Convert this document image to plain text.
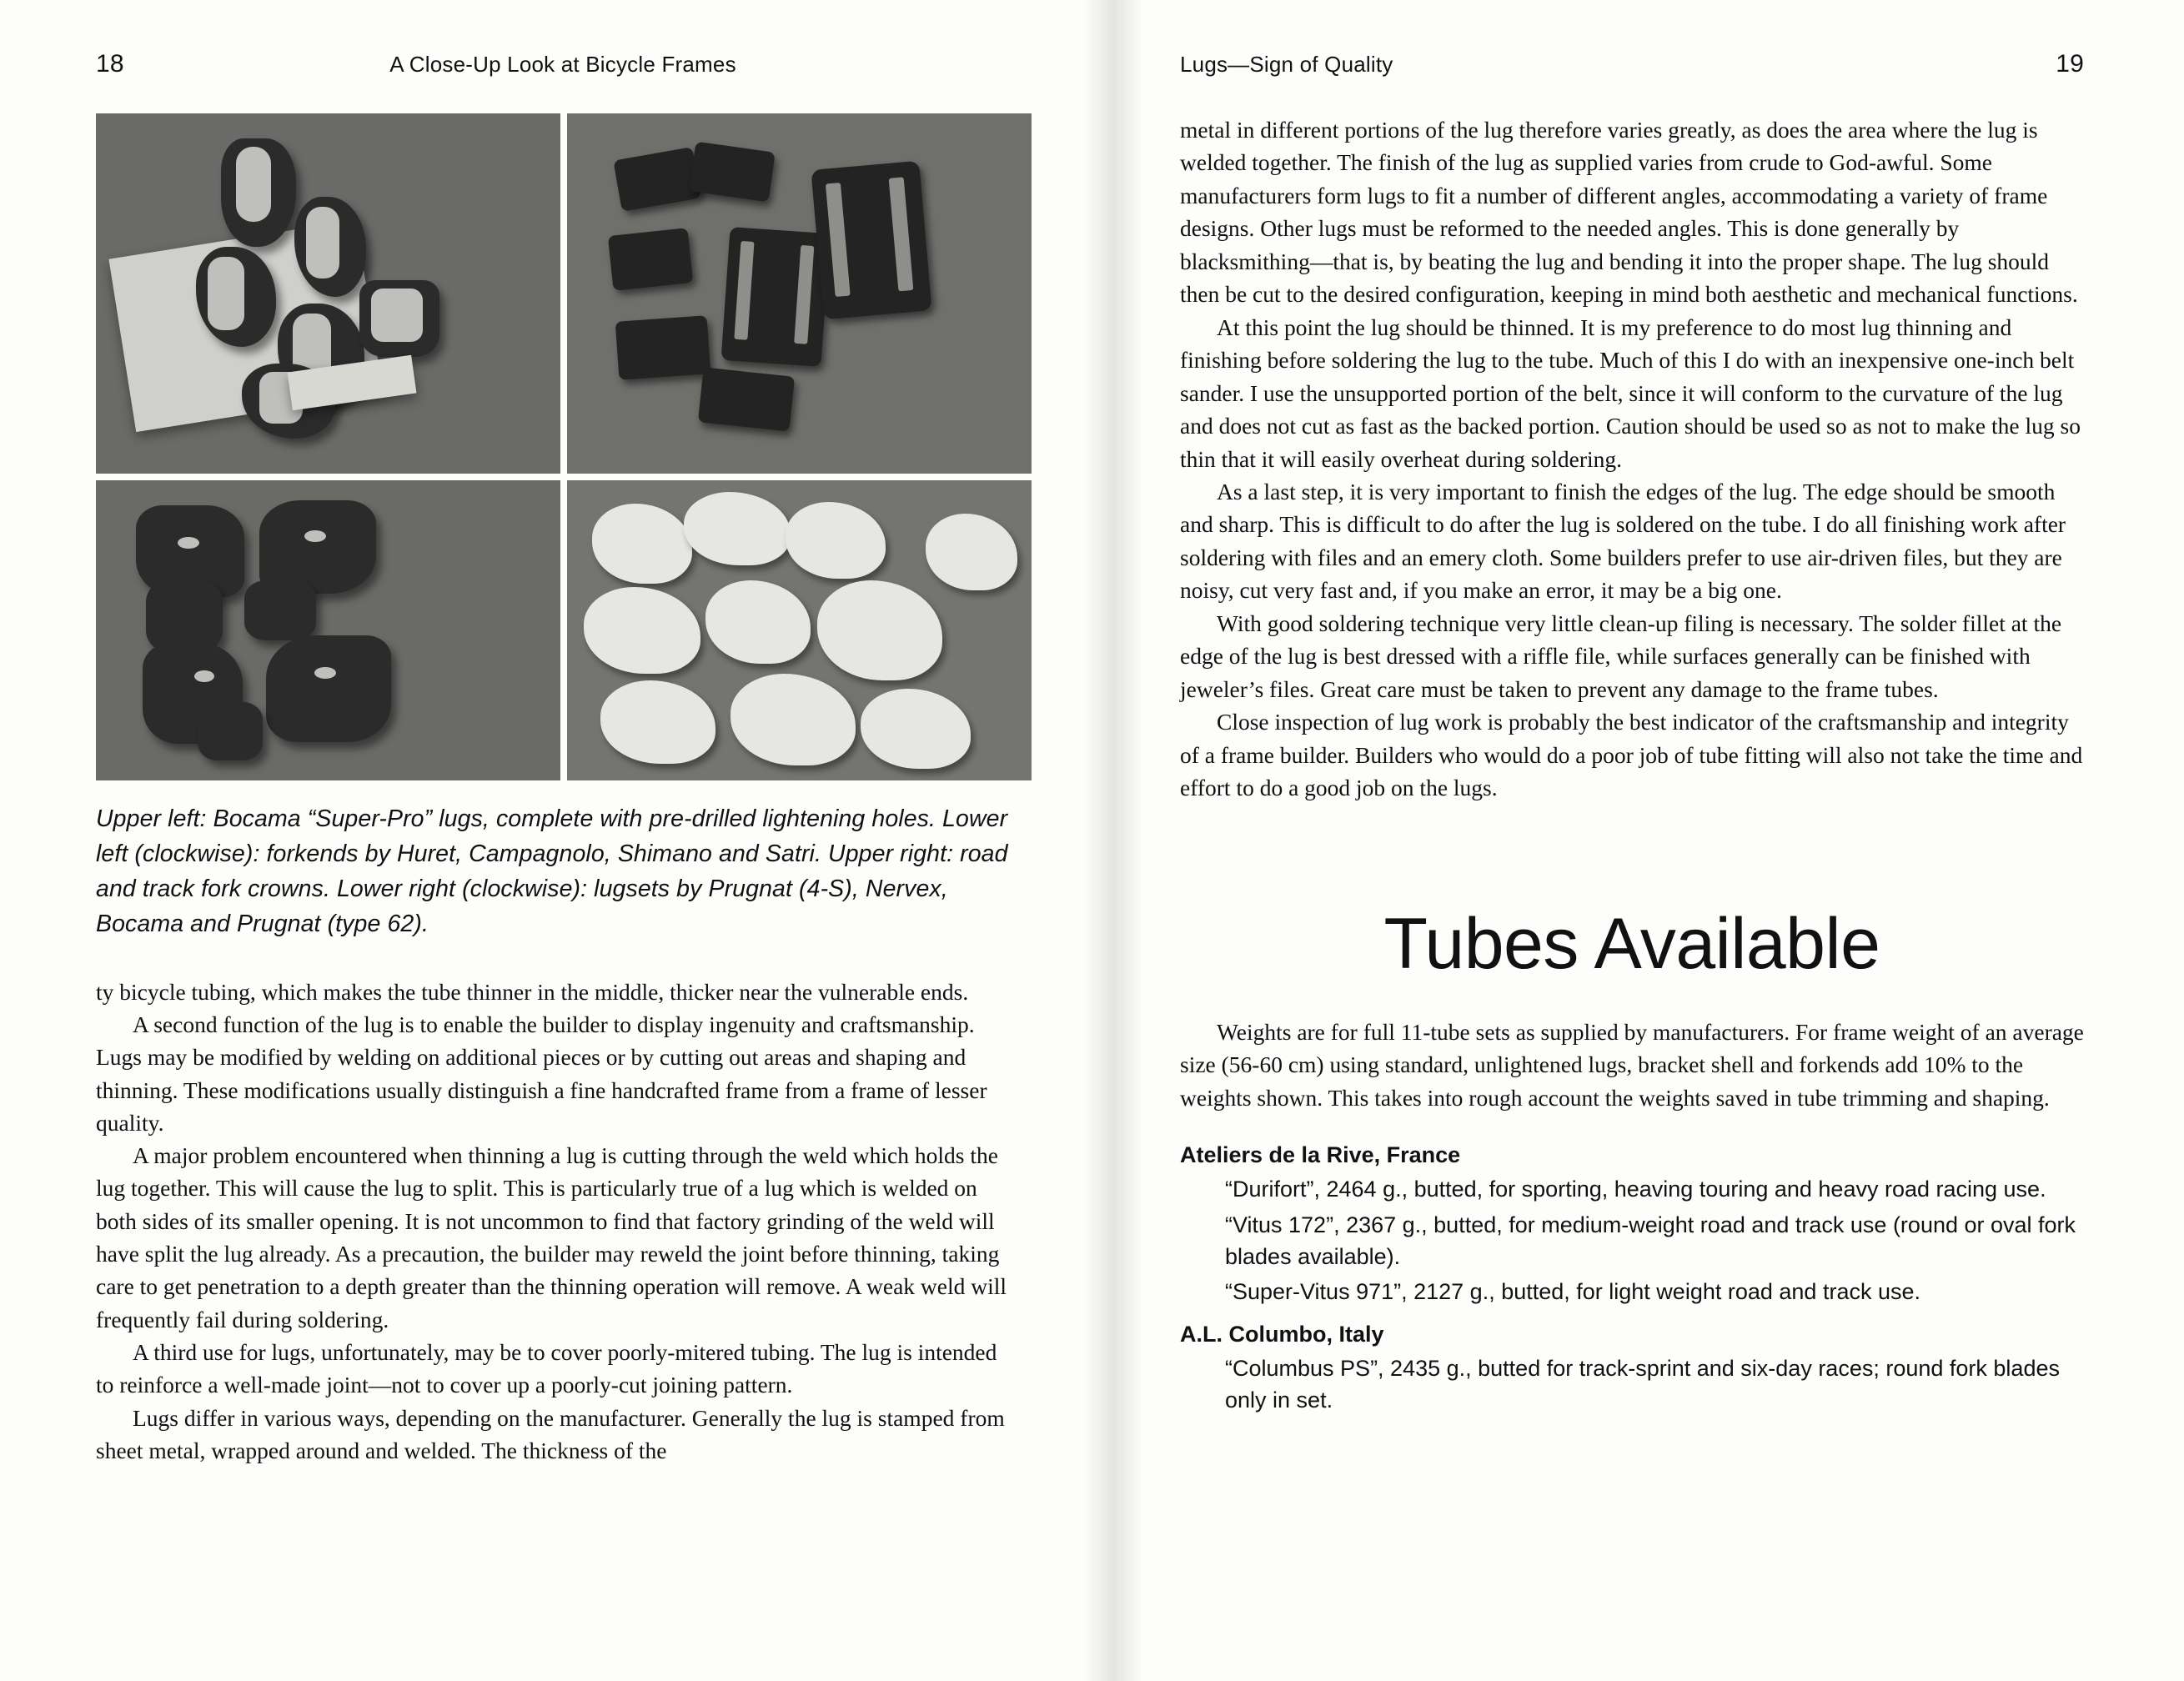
18	A Close-Up Look at Bicycle Frames
Upper left: Bocama “Super-Pro” lugs, complete with pre-drilled lightening holes. Lower left (clockwise): forkends by Huret, Campagnolo, Shimano and Satri. Upper right: road and track fork crowns. Lower right (clockwise): lugsets by Prugnat (4-S), Nervex, Bocama and Prugnat (type 62).

ty bicycle tubing, which makes the tube thinner in the middle, thicker near the vulnerable ends.

A second function of the lug is to enable the builder to display ingenuity and craftsmanship. Lugs may be modified by welding on additional pieces or by cutting out areas and shaping and thinning. These modifications usually distinguish a fine handcrafted frame from a frame of lesser quality.

A major problem encountered when thinning a lug is cutting through the weld which holds the lug together. This will cause the lug to split. This is particularly true of a lug which is welded on both sides of its smaller opening. It is not uncommon to find that factory grinding of the weld will have split the lug already. As a precaution, the builder may reweld the joint before thinning, taking care to get penetration to a depth greater than the thinning operation will remove. A weak weld will frequently fail during soldering.

A third use for lugs, unfortunately, may be to cover poorly-mitered tubing. The lug is intended to reinforce a well-made joint—not to cover up a poorly-cut joining pattern.

Lugs differ in various ways, depending on the manufacturer. Generally the lug is stamped from sheet metal, wrapped around and welded. The thickness of the

Lugs—Sign of Quality	19

metal in different portions of the lug therefore varies greatly, as does the area where the lug is welded together. The finish of the lug as supplied varies from crude to God-awful. Some manufacturers form lugs to fit a number of different angles, accommodating a variety of frame designs. Other lugs must be reformed to the needed angles. This is done generally by blacksmithing—that is, by beating the lug and bending it into the proper shape. The lug should then be cut to the desired configuration, keeping in mind both aesthetic and mechanical functions.

At this point the lug should be thinned. It is my preference to do most lug thinning and finishing before soldering the lug to the tube. Much of this I do with an inexpensive one-inch belt sander. I use the unsupported portion of the belt, since it will conform to the curvature of the lug and does not cut as fast as the backed portion. Caution should be used so as not to make the lug so thin that it will easily overheat during soldering.

As a last step, it is very important to finish the edges of the lug. The edge should be smooth and sharp. This is difficult to do after the lug is soldered on the tube. I do all finishing work after soldering with files and an emery cloth. Some builders prefer to use air-driven files, but they are noisy, cut very fast and, if you make an error, it may be a big one.

With good soldering technique very little clean-up filing is necessary. The solder fillet at the edge of the lug is best dressed with a riffle file, while surfaces generally can be finished with jeweler’s files. Great care must be taken to prevent any damage to the frame tubes.

Close inspection of lug work is probably the best indicator of the craftsmanship and integrity of a frame builder. Builders who would do a poor job of tube fitting will also not take the time and effort to do a good job on the lugs.

Tubes Available

Weights are for full 11-tube sets as supplied by manufacturers. For frame weight of an average size (56-60 cm) using standard, unlightened lugs, bracket shell and forkends add 10% to the weights shown. This takes into rough account the weights saved in tube trimming and shaping.

Ateliers de la Rive, France
“Durifort”, 2464 g., butted, for sporting, heaving touring and heavy road racing use.
“Vitus 172”, 2367 g., butted, for medium-weight road and track use (round or oval fork blades available).
“Super-Vitus 971”, 2127 g., butted, for light weight road and track use.
A.L. Columbo, Italy
“Columbus PS”, 2435 g., butted for track-sprint and six-day races; round fork blades only in set.
